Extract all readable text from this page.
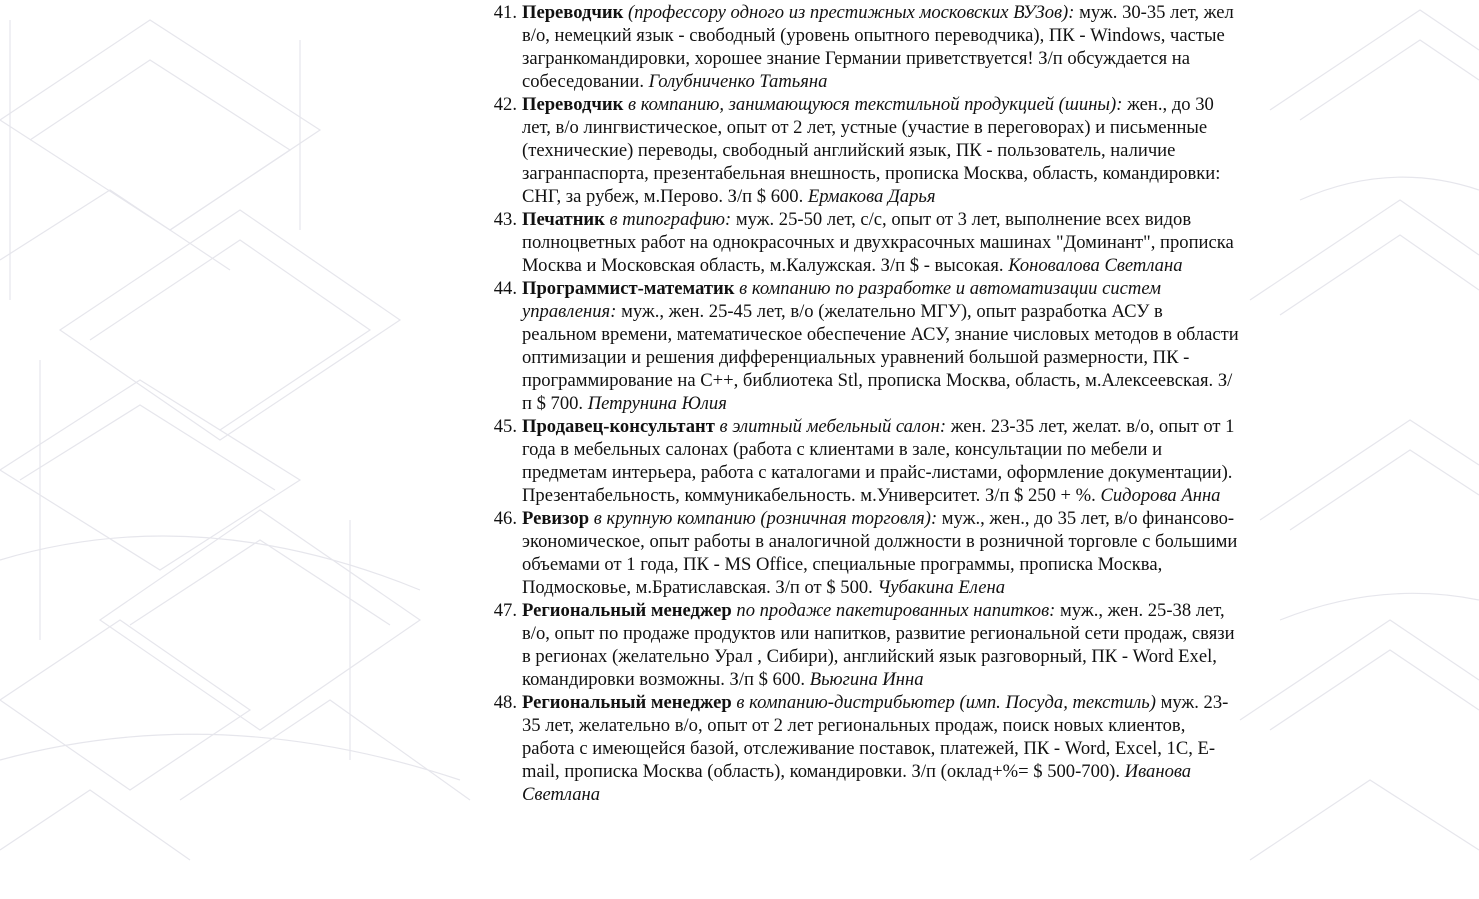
41. Переводчик (профессору одного из престижных московских ВУЗов): муж. 30-35 лет, жел в/о, немецкий язык - свободный (уровень опытного переводчика), ПК - Windows, частые загранкомандировки, хорошее знание Германии приветствуется! З/п обсуждается на собеседовании. Голубниченко Татьяна
42. Переводчик в компанию, занимающуюся текстильной продукцией (шины): жен., до 30 лет, в/о лингвистическое, опыт от 2 лет, устные (участие в переговорах) и письменные (технические) переводы, свободный английский язык, ПК - пользователь, наличие загранпаспорта, презентабельная внешность, прописка Москва, область, командировки: СНГ, за рубеж, м.Перово. З/п $ 600. Ермакова Дарья
43. Печатник в типографию: муж. 25-50 лет, с/с, опыт от 3 лет, выполнение всех видов полноцветных работ на однокрасочных и двухкрасочных машинах "Доминант", прописка Москва и Московская область, м.Калужская. З/п $ - высокая. Коновалова Светлана
44. Программист-математик в компанию по разработке и автоматизации систем управления: муж., жен. 25-45 лет, в/о (желательно МГУ), опыт разработка АСУ в реальном времени, математическое обеспечение АСУ, знание числовых методов в области оптимизации и решения дифференциальных уравнений большой размерности, ПК - программирование на С++, библиотека Stl, прописка Москва, область, м.Алексеевская. З/п $ 700. Петрунина Юлия
45. Продавец-консультант в элитный мебельный салон: жен. 23-35 лет, желат. в/о, опыт от 1 года в мебельных салонах (работа с клиентами в зале, консультации по мебели и предметам интерьера, работа с каталогами и прайс-листами, оформление документации). Презентабельность, коммуникабельность. м.Университет. З/п $ 250 + %. Сидорова Анна
46. Ревизор в крупную компанию (розничная торговля): муж., жен., до 35 лет, в/о финансово-экономическое, опыт работы в аналогичной должности в розничной торговле с большими объемами от 1 года, ПК - MS Office, специальные программы, прописка Москва, Подмосковье, м.Братиславская. З/п от $ 500. Чубакина Елена
47. Региональный менеджер по продаже пакетированных напитков: муж., жен. 25-38 лет, в/о, опыт по продаже продуктов или напитков, развитие региональной сети продаж, связи в регионах (желательно Урал , Сибири), английский язык разговорный, ПК - Word Exel, командировки возможны. З/п $ 600. Вьюгина Инна
48. Региональный менеджер в компанию-дистрибьютер (имп. Посуда, текстиль) муж. 23-35 лет, желательно в/о, опыт от 2 лет региональных продаж, поиск новых клиентов, работа с имеющейся базой, отслеживание поставок, платежей, ПК - Word, Excel, 1С, E-mail, прописка Москва (область), командировки. З/п (оклад+%= $ 500-700). Иванова Светлана
